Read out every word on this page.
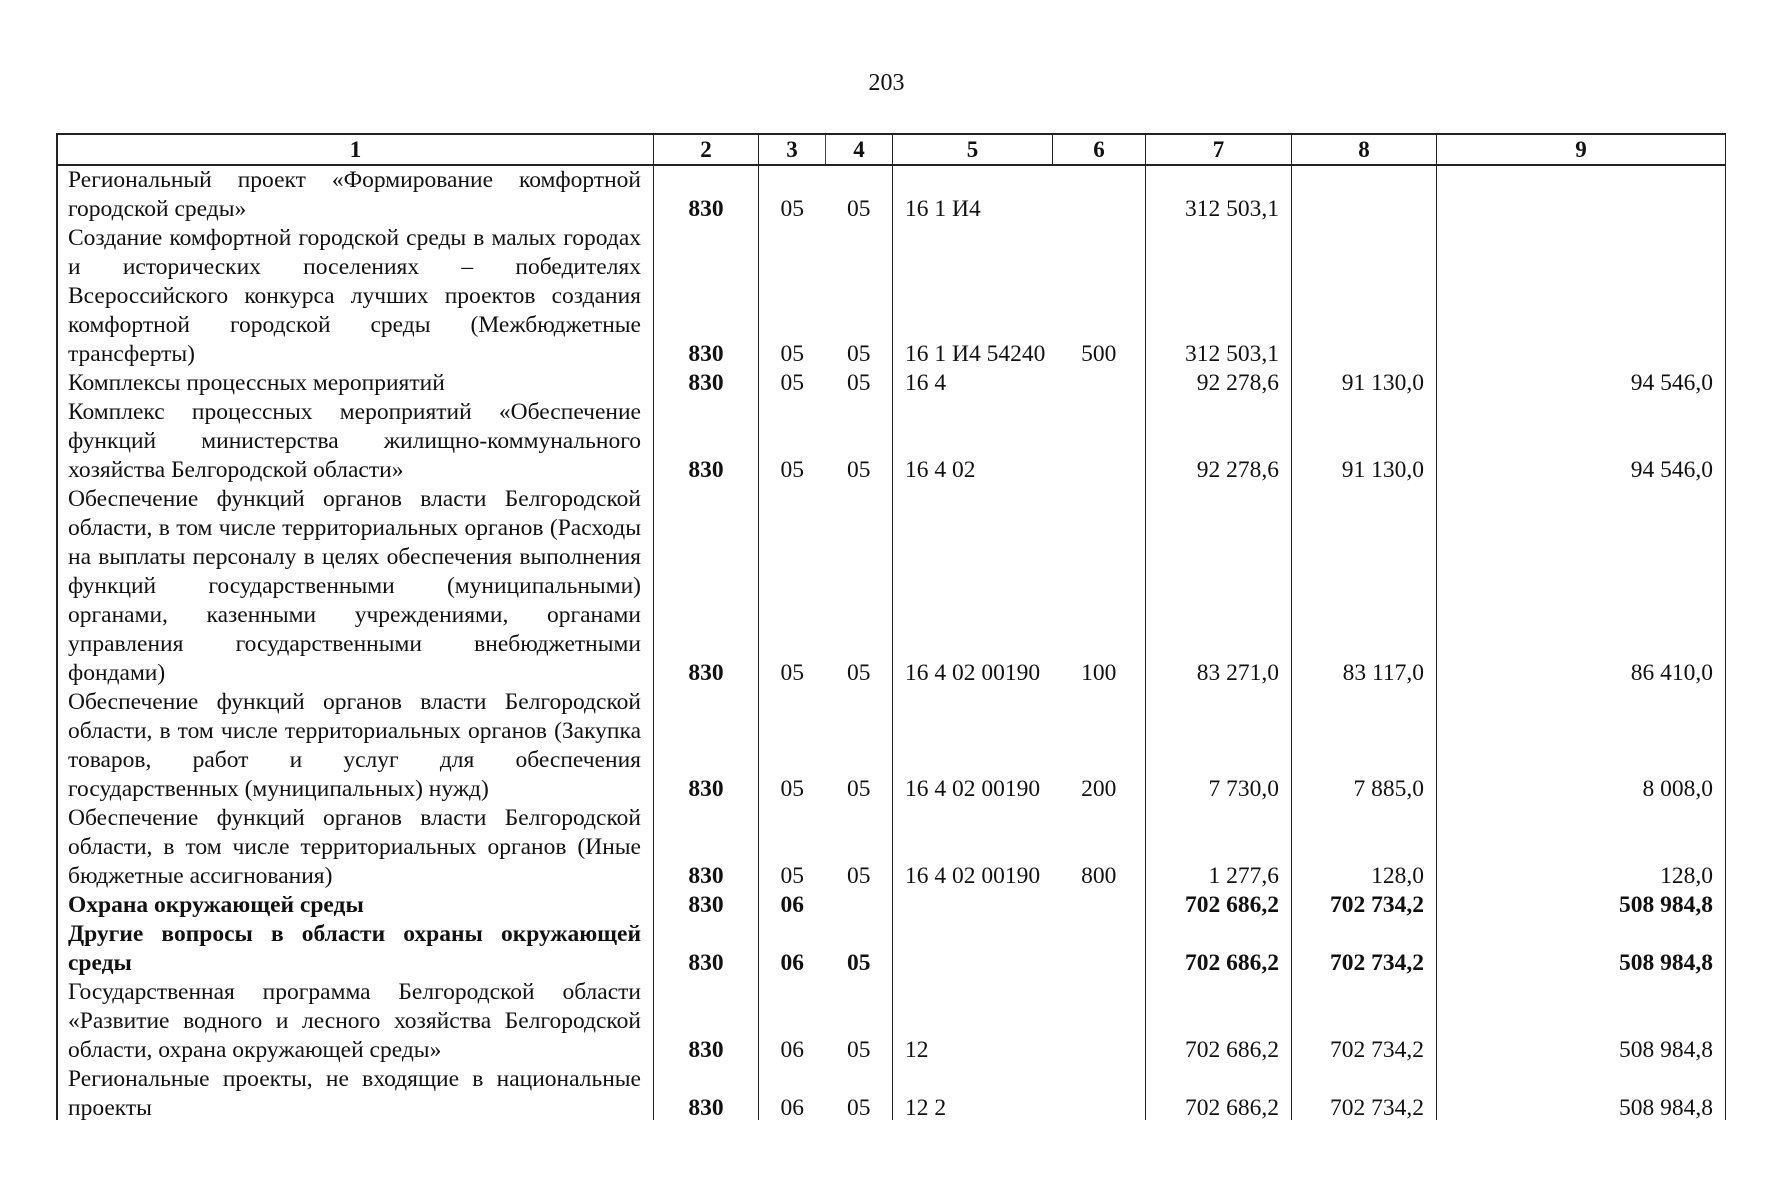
203
1	2	3	4	5	6	7	8	9
Региональный проект «Формирование комфортной городской среды»	830	05	05	16 1 И4		312 503,1		
Создание комфортной городской среды в малых городах и исторических поселениях – победителях Всероссийского конкурса лучших проектов создания комфортной городской среды (Межбюджетные трансферты)	830	05	05	16 1 И4 54240	500	312 503,1		
Комплексы процессных мероприятий	830	05	05	16 4		92 278,6	91 130,0	94 546,0
Комплекс процессных мероприятий «Обеспечение функций министерства жилищно-коммунального хозяйства Белгородской области»	830	05	05	16 4 02		92 278,6	91 130,0	94 546,0
Обеспечение функций органов власти Белгородской области, в том числе территориальных органов (Расходы на выплаты персоналу в целях обеспечения выполнения функций государственными (муниципальными) органами, казенными учреждениями, органами управления государственными внебюджетными фондами)	830	05	05	16 4 02 00190	100	83 271,0	83 117,0	86 410,0
Обеспечение функций органов власти Белгородской области, в том числе территориальных органов (Закупка товаров, работ и услуг для обеспечения государственных (муниципальных) нужд)	830	05	05	16 4 02 00190	200	7 730,0	7 885,0	8 008,0
Обеспечение функций органов власти Белгородской области, в том числе территориальных органов (Иные бюджетные ассигнования)	830	05	05	16 4 02 00190	800	1 277,6	128,0	128,0
Охрана окружающей среды	830	06				702 686,2	702 734,2	508 984,8
Другие вопросы в области охраны окружающей среды	830	06	05			702 686,2	702 734,2	508 984,8
Государственная программа Белгородской области «Развитие водного и лесного хозяйства Белгородской области, охрана окружающей среды»	830	06	05	12		702 686,2	702 734,2	508 984,8
Региональные проекты, не входящие в национальные проекты	830	06	05	12 2		702 686,2	702 734,2	508 984,8
